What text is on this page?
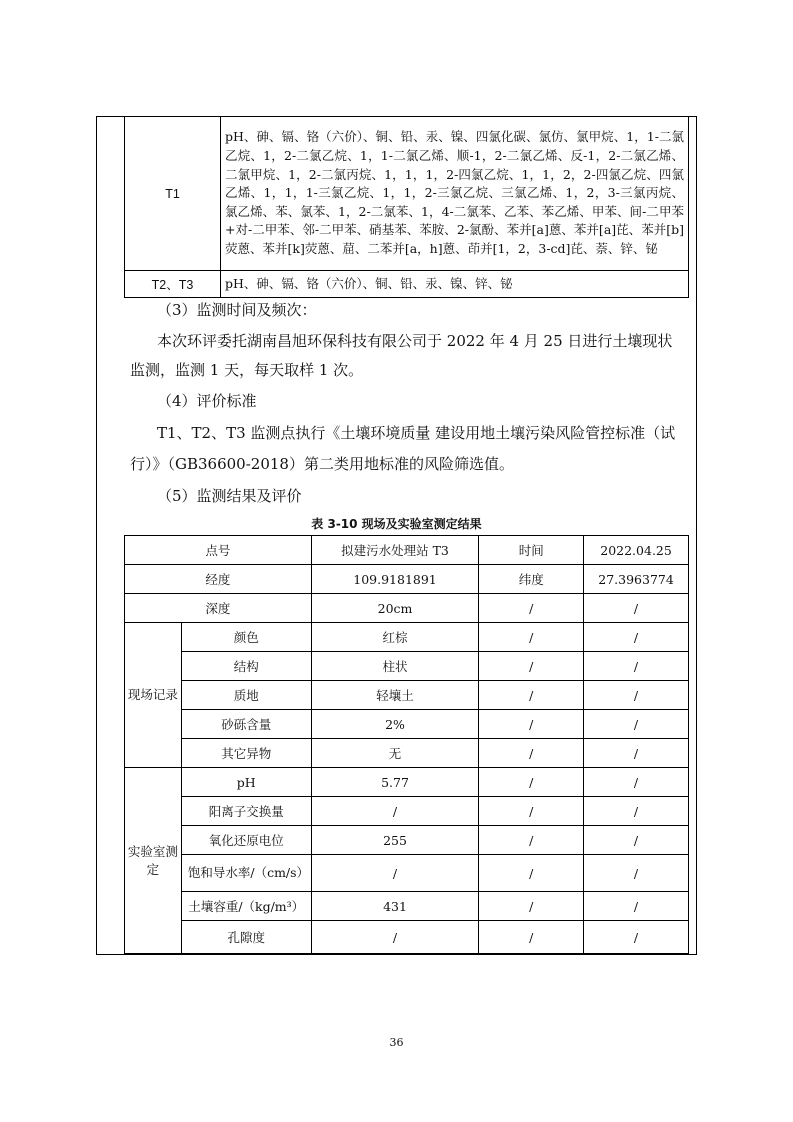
T1	pH、砷、镉、铬（六价）、铜、铅、汞、镍、四氯化碳、氯仿、氯甲烷、1，1-二氯乙烷、1，2-二氯乙烷、1，1-二氯乙烯、顺-1，2-二氯乙烯、反-1，2-二氯乙烯、二氯甲烷、1，2-二氯丙烷、1，1，1，2-四氯乙烷、1，1，2，2-四氯乙烷、四氯乙烯、1，1，1-三氯乙烷、1，1，2-三氯乙烷、三氯乙烯、1，2，3-三氯丙烷、氯乙烯、苯、氯苯、1，2-二氯苯、1，4-二氯苯、乙苯、苯乙烯、甲苯、间-二甲苯+对-二甲苯、邻-二甲苯、硝基苯、苯胺、2-氯酚、苯并[a]蒽、苯并[a]芘、苯并[b]荧蒽、苯并[k]荧蒽、䓛、二苯并[a，h]蒽、茚并[1，2，3-cd]芘、萘、锌、铋
T2、T3	pH、砷、镉、铬（六价）、铜、铅、汞、镍、锌、铋
（3）监测时间及频次：
本次环评委托湖南昌旭环保科技有限公司于 2022 年 4 月 25 日进行土壤现状
监测，监测 1 天，每天取样 1 次。
（4）评价标准
T1、T2、T3 监测点执行《土壤环境质量 建设用地土壤污染风险管控标准（试
行）》（GB36600-2018）第二类用地标准的风险筛选值。
（5）监测结果及评价
表 3-10 现场及实验室测定结果
点号		拟建污水处理站 T3	时间	2022.04.25
经度		109.9181891	纬度	27.3963774
深度		20cm	/	/
现场记录	颜色	红棕	/	/
	结构	柱状	/	/
	质地	轻壤土	/	/
	砂砾含量	2%	/	/
	其它异物	无	/	/
实验室测定	pH	5.77	/	/
	阳离子交换量	/	/	/
	氧化还原电位	255	/	/
	饱和导水率/（cm/s）	/	/	/
	土壤容重/（kg/m³）	431	/	/
	孔隙度	/	/	/
36
